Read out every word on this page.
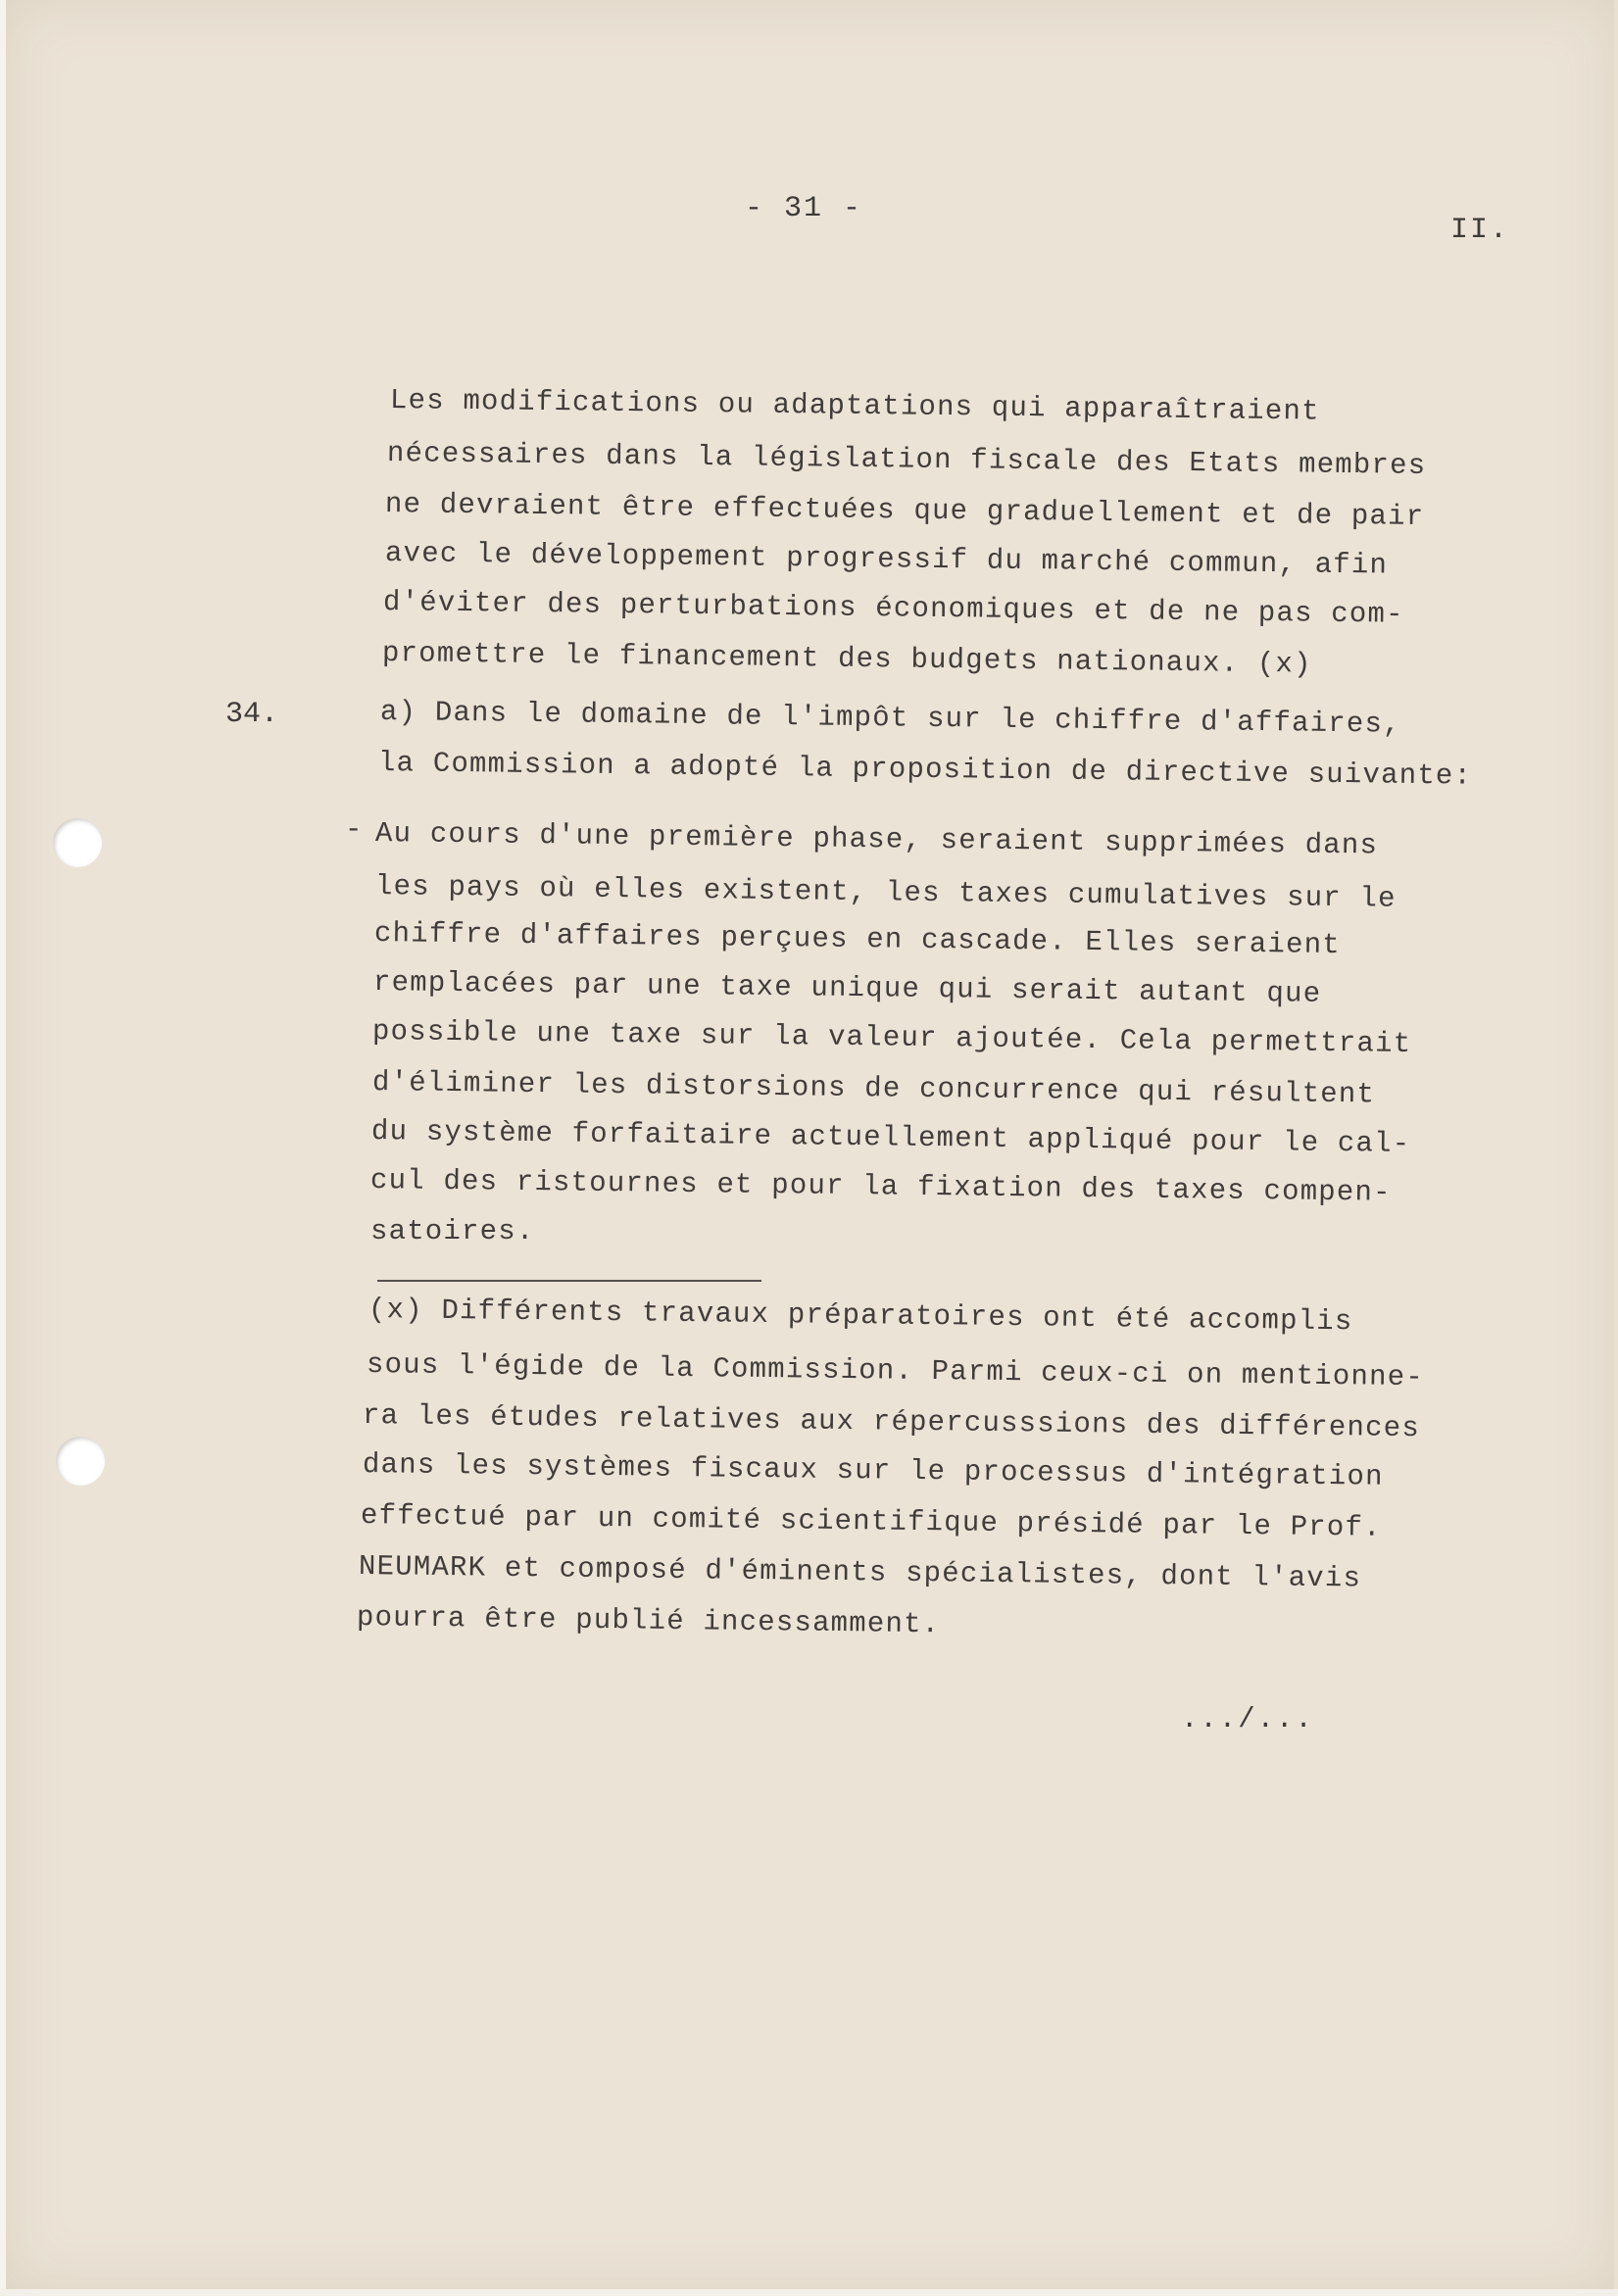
- 31 -
II.
Les modifications ou adaptations qui apparaîtraient
nécessaires dans la législation fiscale des Etats membres
ne devraient être effectuées que graduellement et de pair
avec le développement progressif du marché commun, afin
d'éviter des perturbations économiques et de ne pas com-
promettre le financement des budgets nationaux. (x)
34.	a) Dans le domaine de l'impôt sur le chiffre d'affaires,
la Commission a adopté la proposition de directive suivante:
- Au cours d'une première phase, seraient supprimées dans
les pays où elles existent, les taxes cumulatives sur le
chiffre d'affaires perçues en cascade. Elles seraient
remplacées par une taxe unique qui serait autant que
possible une taxe sur la valeur ajoutée. Cela permettrait
d'éliminer les distorsions de concurrence qui résultent
du système forfaitaire actuellement appliqué pour le cal-
cul des ristournes et pour la fixation des taxes compen-
satoires.
(x) Différents travaux préparatoires ont été accomplis
sous l'égide de la Commission. Parmi ceux-ci on mentionne-
ra les études relatives aux répercusssions des différences
dans les systèmes fiscaux sur le processus d'intégration
effectué par un comité scientifique présidé par le Prof.
NEUMARK et composé d'éminents spécialistes, dont l'avis
pourra être publié incessamment.
.../...
